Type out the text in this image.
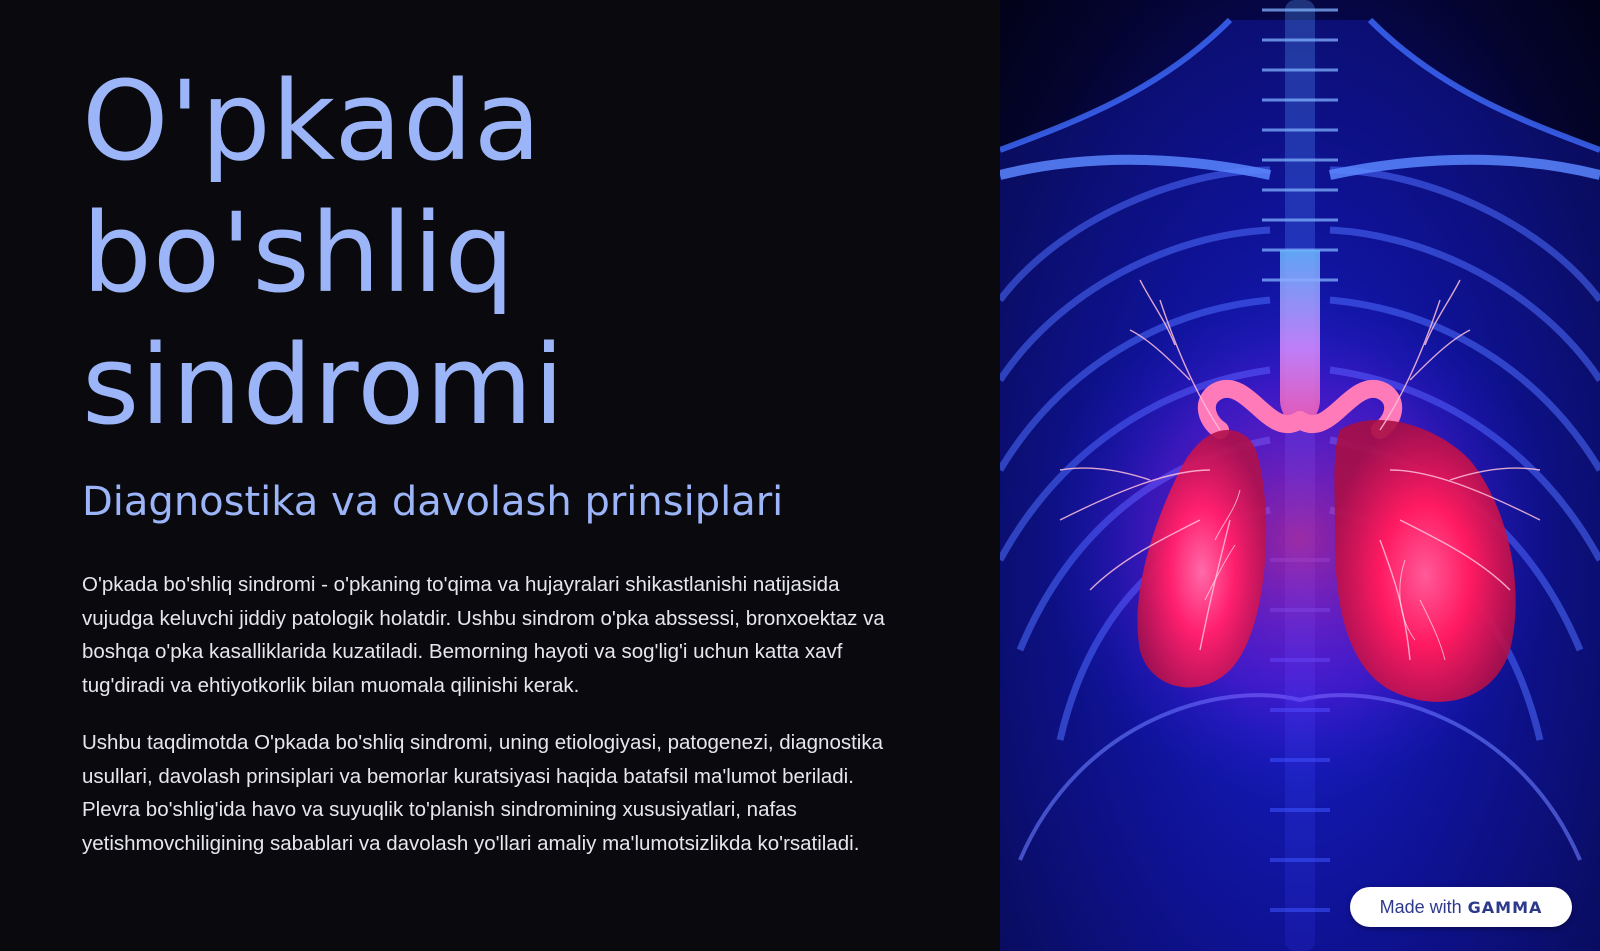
O'pkada
bo'shliq
sindromi
Diagnostika va davolash prinsiplari

O'pkada bo'shliq sindromi - o'pkaning to'qima va hujayralari shikastlanishi natijasida vujudga keluvchi jiddiy patologik holatdir. Ushbu sindrom o'pka abssessi, bronxoektaz va boshqa o'pka kasalliklarida kuzatiladi. Bemorning hayoti va sog'lig'i uchun katta xavf tug'diradi va ehtiyotkorlik bilan muomala qilinishi kerak.

Ushbu taqdimotda O'pkada bo'shliq sindromi, uning etiologiyasi, patogenezi, diagnostika usullari, davolash prinsiplari va bemorlar kuratsiyasi haqida batafsil ma'lumot beriladi. Plevra bo'shlig'ida havo va suyuqlik to'planish sindromining xususiyatlari, nafas yetishmovchiligining sabablari va davolash yo'llari amaliy ma'lumotsizlikda ko'rsatiladi.

Made with GAMMA
